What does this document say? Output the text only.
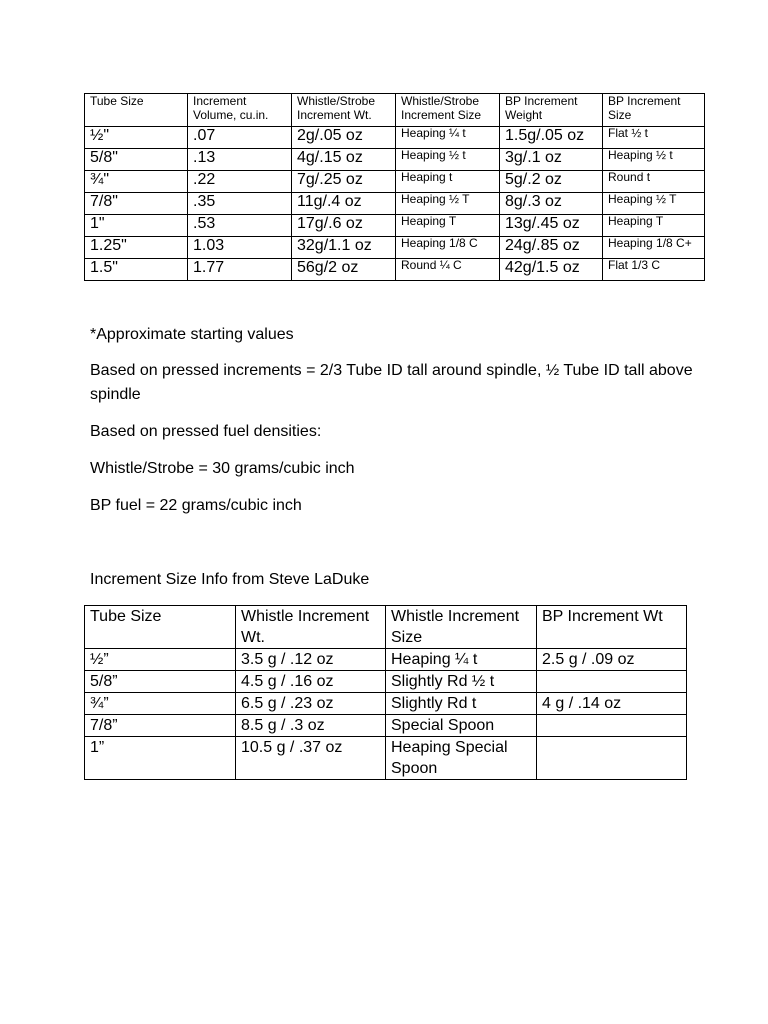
Tube Size	Increment Volume, cu.in.	Whistle/Strobe Increment Wt.	Whistle/Strobe Increment Size	BP Increment Weight	BP Increment Size
½"	.07	2g/.05 oz	Heaping ¼ t	1.5g/.05 oz	Flat ½ t
5/8"	.13	4g/.15 oz	Heaping ½ t	3g/.1 oz	Heaping ½ t
¾"	.22	7g/.25 oz	Heaping t	5g/.2 oz	Round t
7/8"	.35	11g/.4 oz	Heaping ½ T	8g/.3 oz	Heaping ½ T
1"	.53	17g/.6 oz	Heaping T	13g/.45 oz	Heaping T
1.25"	1.03	32g/1.1 oz	Heaping 1/8 C	24g/.85 oz	Heaping 1/8 C+
1.5"	1.77	56g/2 oz	Round ¼ C	42g/1.5 oz	Flat 1/3 C

*Approximate starting values

Based on pressed increments = 2/3 Tube ID tall around spindle, ½ Tube ID tall above spindle

Based on pressed fuel densities:

Whistle/Strobe = 30 grams/cubic inch

BP fuel = 22 grams/cubic inch

Increment Size Info from Steve LaDuke

Tube Size	Whistle Increment Wt.	Whistle Increment Size	BP Increment Wt
½”	3.5 g / .12 oz	Heaping ¼ t	2.5 g / .09 oz
5/8”	4.5 g / .16 oz	Slightly Rd ½ t	
¾”	6.5 g / .23 oz	Slightly Rd t	4 g / .14 oz
7/8”	8.5 g / .3 oz	Special Spoon	
1”	10.5 g / .37 oz	Heaping Special Spoon	
